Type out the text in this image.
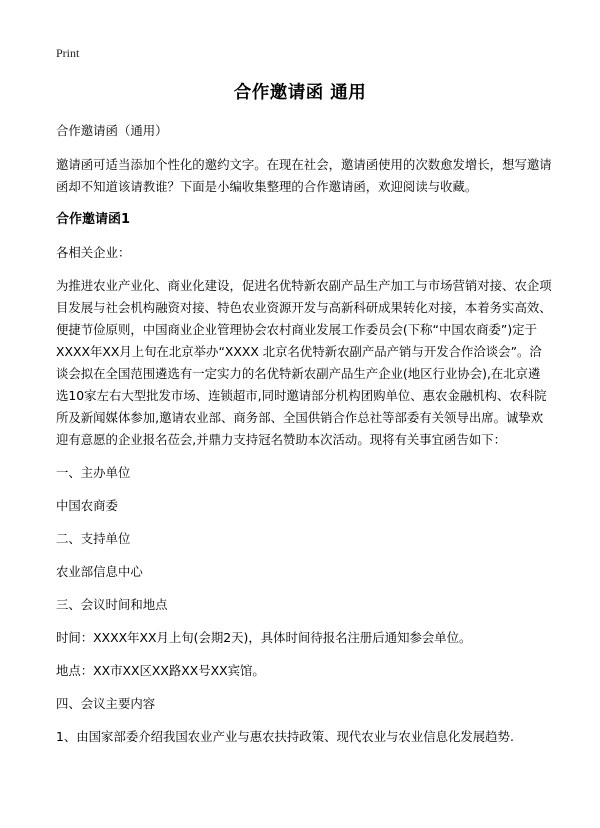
Print
合作邀请函 通用

合作邀请函（通用）

邀请函可适当添加个性化的邀约文字。在现在社会，邀请函使用的次数愈发增长，想写邀请函却不知道该请教谁？下面是小编收集整理的合作邀请函，欢迎阅读与收藏。

合作邀请函1

各相关企业：

为推进农业产业化、商业化建设，促进名优特新农副产品生产加工与市场营销对接、农企项目发展与社会机构融资对接、特色农业资源开发与高新科研成果转化对接，本着务实高效、便捷节俭原则，中国商业企业管理协会农村商业发展工作委员会(下称“中国农商委”)定于XXXX年XX月上旬在北京举办“XXXX 北京名优特新农副产品产销与开发合作洽谈会”。洽谈会拟在全国范围遴选有一定实力的名优特新农副产品生产企业(地区行业协会),在北京遴选10家左右大型批发市场、连锁超市,同时邀请部分机构团购单位、惠农金融机构、农科院所及新闻媒体参加,邀请农业部、商务部、全国供销合作总社等部委有关领导出席。诚挚欢迎有意愿的企业报名莅会,并鼎力支持冠名赞助本次活动。现将有关事宜函告如下：

一、主办单位

中国农商委

二、支持单位

农业部信息中心

三、会议时间和地点

时间：XXXX年XX月上旬(会期2天)，具体时间待报名注册后通知参会单位。

地点：XX市XX区XX路XX号XX宾馆。

四、会议主要内容

1、由国家部委介绍我国农业产业与惠农扶持政策、现代农业与农业信息化发展趋势.
